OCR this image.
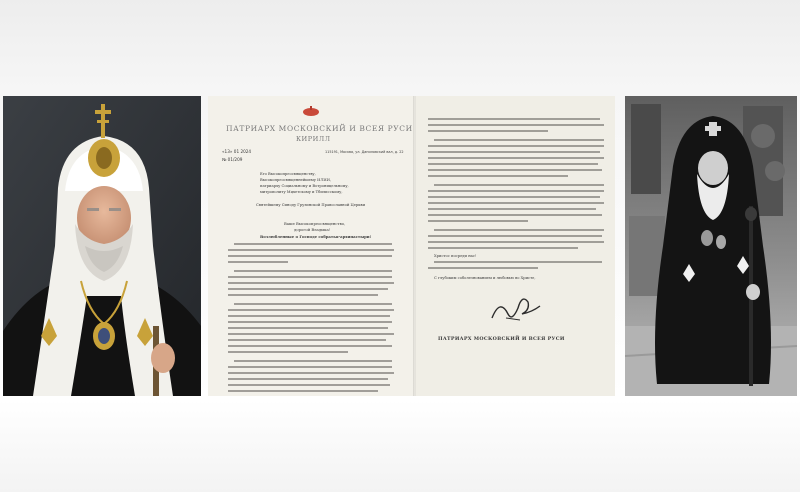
ПАТРИАРХ МОСКОВСКИЙ И ВСЕЯ РУСИ
КИРИЛЛ
«13» 01 2024
№ 01/209
115191, Москва, ул. Даниловский вал, д. 22
Его Высокопреосвященству,
Высокопреосвященнейшему ИЛИИ,
патриарху Социальному и Вотроницельному,
митрополиту Мцхетскому и Тбилисскому,
Святейшему Синоду Грузинской Православной Церкви
Ваше Высокопреосвященство,
дорогой Владыка!
Возлюбленные о Господе собратья-архипастыри!
Христос посреди нас!
С глубоким соболезнованием и любовью во Христе,
ПАТРИАРХ МОСКОВСКИЙ И ВСЕЯ РУСИ
